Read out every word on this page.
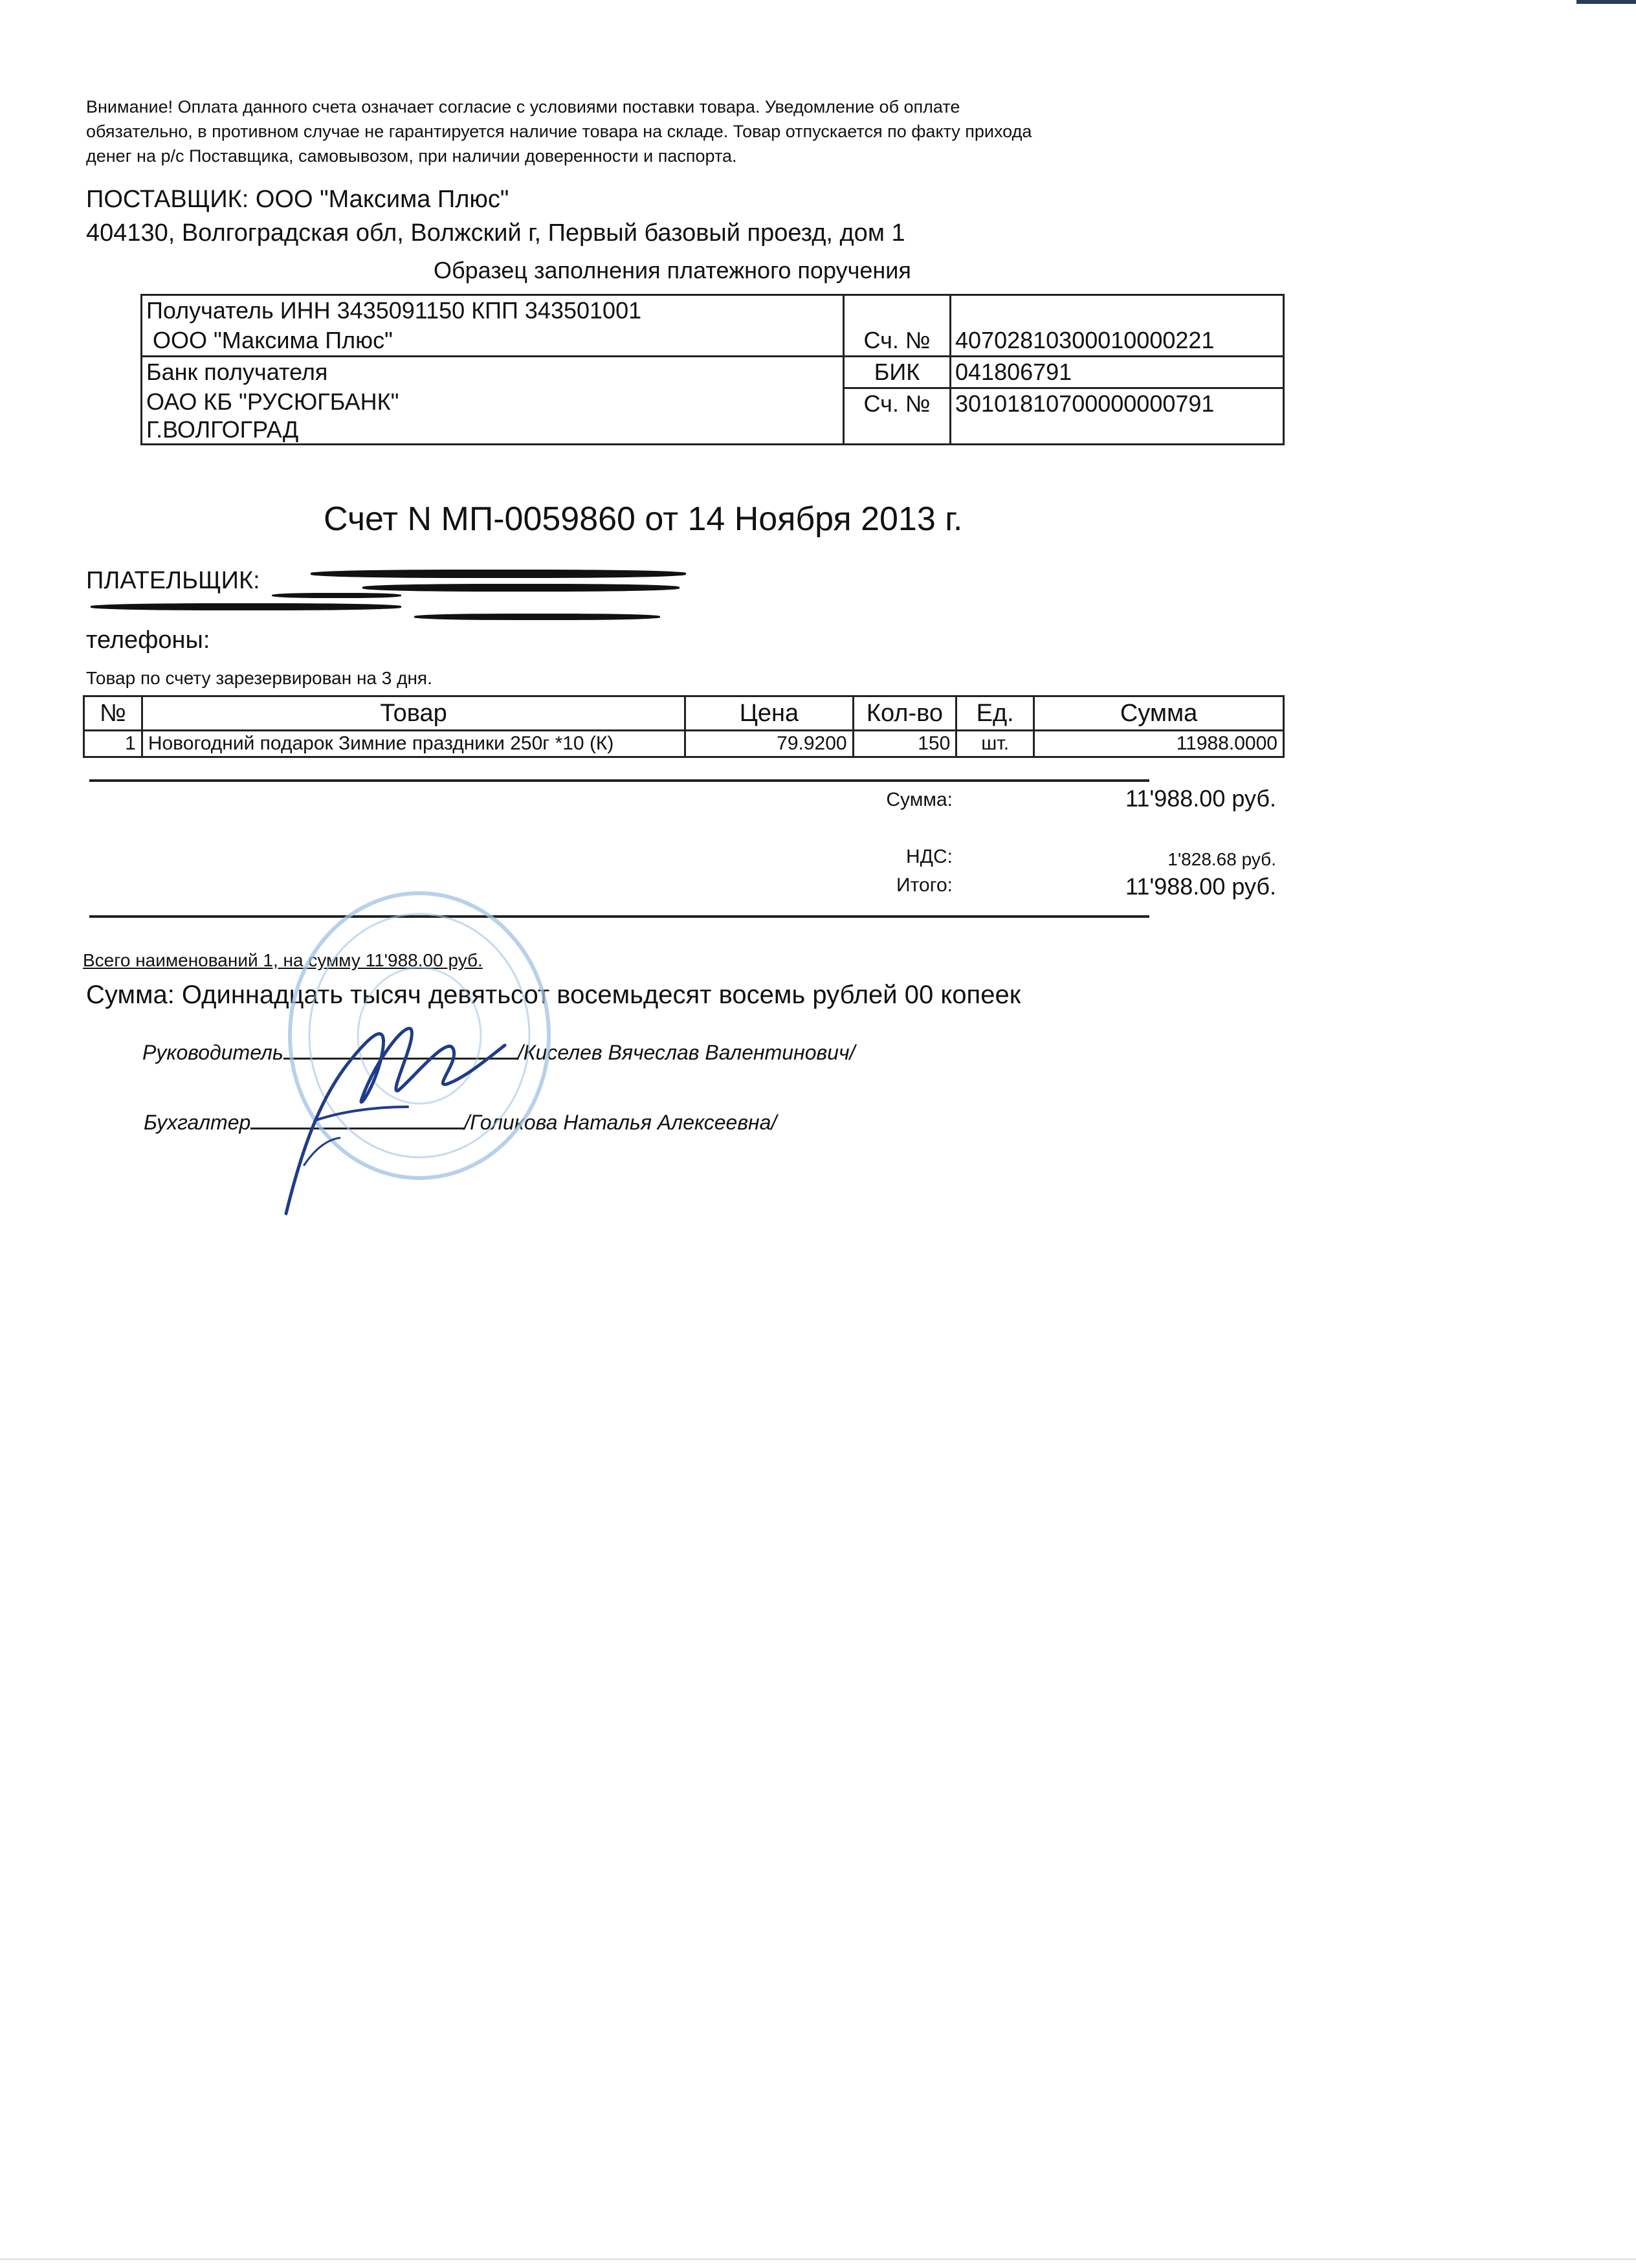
Внимание! Оплата данного счета означает согласие с условиями поставки товара. Уведомление об оплате
обязательно, в противном случае не гарантируется наличие товара на складе. Товар отпускается по факту прихода
денег на р/с Поставщика, самовывозом, при наличии доверенности и паспорта.
ПОСТАВЩИК: ООО "Максима Плюс"
404130, Волгоградская обл, Волжский г, Первый базовый проезд, дом 1
Образец заполнения платежного поручения
Получатель ИНН 3435091150 КПП 343501001
ООО "Максима Плюс"	Сч. №	40702810300010000221

Банк получателя
ОАО КБ "РУСЮГБАНК"
Г.ВОЛГОГРАД	БИК	041806791
	Сч. №	30101810700000000791
Счет N МП-0059860 от 14 Ноября 2013 г.
ПЛАТЕЛЬЩИК:
телефоны:
Товар по счету зарезервирован на 3 дня.
№	Товар	Цена	Кол-во	Ед.	Сумма
1	Новогодний подарок Зимние праздники 250г *10 (К)	79.9200	150	шт.	11988.0000
Сумма:	11'988.00 руб.
НДС:	1'828.68 руб.
Итого:	11'988.00 руб.
Всего наименований 1, на сумму 11'988.00 руб.
Сумма: Одиннадцать тысяч девятьсот восемьдесят восемь рублей 00 копеек
Руководитель	/Киселев Вячеслав Валентинович/
Бухгалтер	/Голикова Наталья Алексеевна/
